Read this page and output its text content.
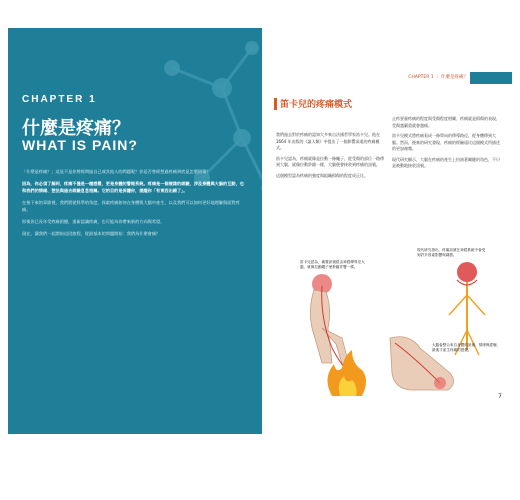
CHAPTER 1
什麼是疼痛？
WHAT IS PAIN?

「什麼是疼痛？」這是不是你曾經問過自己或其他人的問題呢？你是否曾經想過疼痛到底是怎麼回事？

因為，你必須了解到，疼痛不僅是一種感覺，更是身體的警報系統。疼痛是一個複雜的經驗，涉及身體與大腦的互動，也和我們的情緒、想法與過去經驗息息相關。它的目的是保護你，提醒你「有東西出錯了」。

在接下來的章節裡，我們將從科學的角度，探索疼痛如何在身體與大腦中產生，以及我們可以如何更好地理解與面對疼痛。

即使你已長年受疼痛困擾，重新認識疼痛，也可能為你帶來新的方向與希望。

現在，讓我們一起開始這段旅程，從最基本的問題開始：我們為什麼會痛？

CHAPTER 1 ｜ 什麼是疼痛？
笛卡兒的疼痛模式

我們過去對於疼痛的認知大多來自法國哲學家笛卡兒。他在 1664 年出版的《論人類》中提出了一個影響深遠的疼痛模式。

笛卡兒認為，疼痛就像是拉動一條繩子，從受傷的部位一路傳到大腦，就像拉動鈴鐺一樣，大腦便會接收到疼痛的訊號。

這個模型認為疼痛的強度與組織損傷的程度成正比。

止疼要量疼痛的程度與受傷程度相關，疼痛就是損傷的表現，受傷越嚴重就會越痛。

笛卡兒模式將疼痛看成一條單向的傳導路徑，從身體傳到大腦。然而，後來的研究發現，疼痛的經驗遠比這個模式所描述的更加複雜。

現代研究顯示，大腦在疼痛的產生上扮演著關鍵的角色，不只是被動地接收訊號。

笛卡兒認為，痛覺訊號經由神經傳導至大腦，就像拉動繩子使鈴鐺作響一樣。
現代研究指出，疼痛訊號在神經系統中會受到許多因素影響與調節。
大腦會整合來自身體的訊號、情緒與經驗，最後才產生疼痛的感覺。
7
